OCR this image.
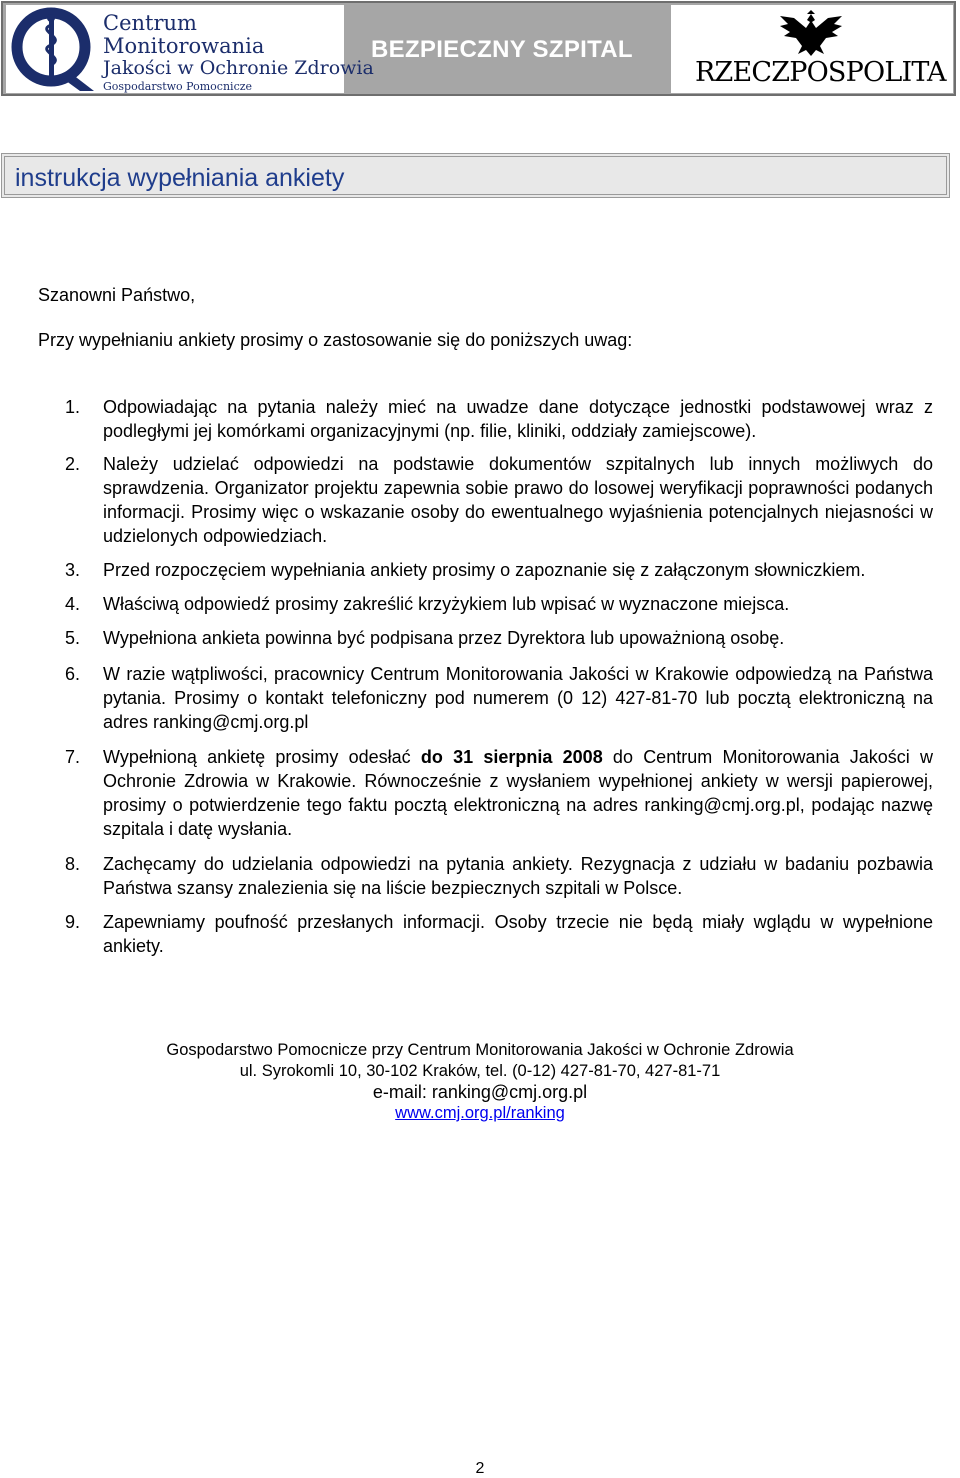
Centrum
Monitorowania
Jakości w Ochronie Zdrowia
Gospodarstwo Pomocnicze
BEZPIECZNY SZPITAL
RZECZPOSPOLITA
instrukcja wypełniania ankiety
Szanowni Państwo,
Przy wypełnianiu ankiety prosimy o zastosowanie się do poniższych uwag:
1. Odpowiadając na pytania należy mieć na uwadze dane dotyczące jednostki podstawowej wraz z podległymi jej komórkami organizacyjnymi (np. filie, kliniki, oddziały zamiejscowe).
2. Należy udzielać odpowiedzi na podstawie dokumentów szpitalnych lub innych możliwych do sprawdzenia. Organizator projektu zapewnia sobie prawo do losowej weryfikacji poprawności podanych informacji. Prosimy więc o wskazanie osoby do ewentualnego wyjaśnienia potencjalnych niejasności w udzielonych odpowiedziach.
3. Przed rozpoczęciem wypełniania ankiety prosimy o zapoznanie się z załączonym słowniczkiem.
4. Właściwą odpowiedź prosimy zakreślić krzyżykiem lub wpisać w wyznaczone miejsca.
5. Wypełniona ankieta powinna być podpisana przez Dyrektora lub upoważnioną osobę.
6. W razie wątpliwości, pracownicy Centrum Monitorowania Jakości w Krakowie odpowiedzą na Państwa pytania. Prosimy o kontakt telefoniczny pod numerem (0 12) 427-81-70 lub pocztą elektroniczną na adres ranking@cmj.org.pl
7. Wypełnioną ankietę prosimy odesłać do 31 sierpnia 2008 do Centrum Monitorowania Jakości w Ochronie Zdrowia w Krakowie. Równocześnie z wysłaniem wypełnionej ankiety w wersji papierowej, prosimy o potwierdzenie tego faktu pocztą elektroniczną na adres ranking@cmj.org.pl, podając nazwę szpitala i datę wysłania.
8. Zachęcamy do udzielania odpowiedzi na pytania ankiety. Rezygnacja z udziału w badaniu pozbawia Państwa szansy znalezienia się na liście bezpiecznych szpitali w Polsce.
9. Zapewniamy poufność przesłanych informacji. Osoby trzecie nie będą miały wglądu w wypełnione ankiety.
Gospodarstwo Pomocnicze przy Centrum Monitorowania Jakości w Ochronie Zdrowia
ul. Syrokomli 10, 30-102 Kraków, tel. (0-12) 427-81-70, 427-81-71
e-mail: ranking@cmj.org.pl
www.cmj.org.pl/ranking
2
